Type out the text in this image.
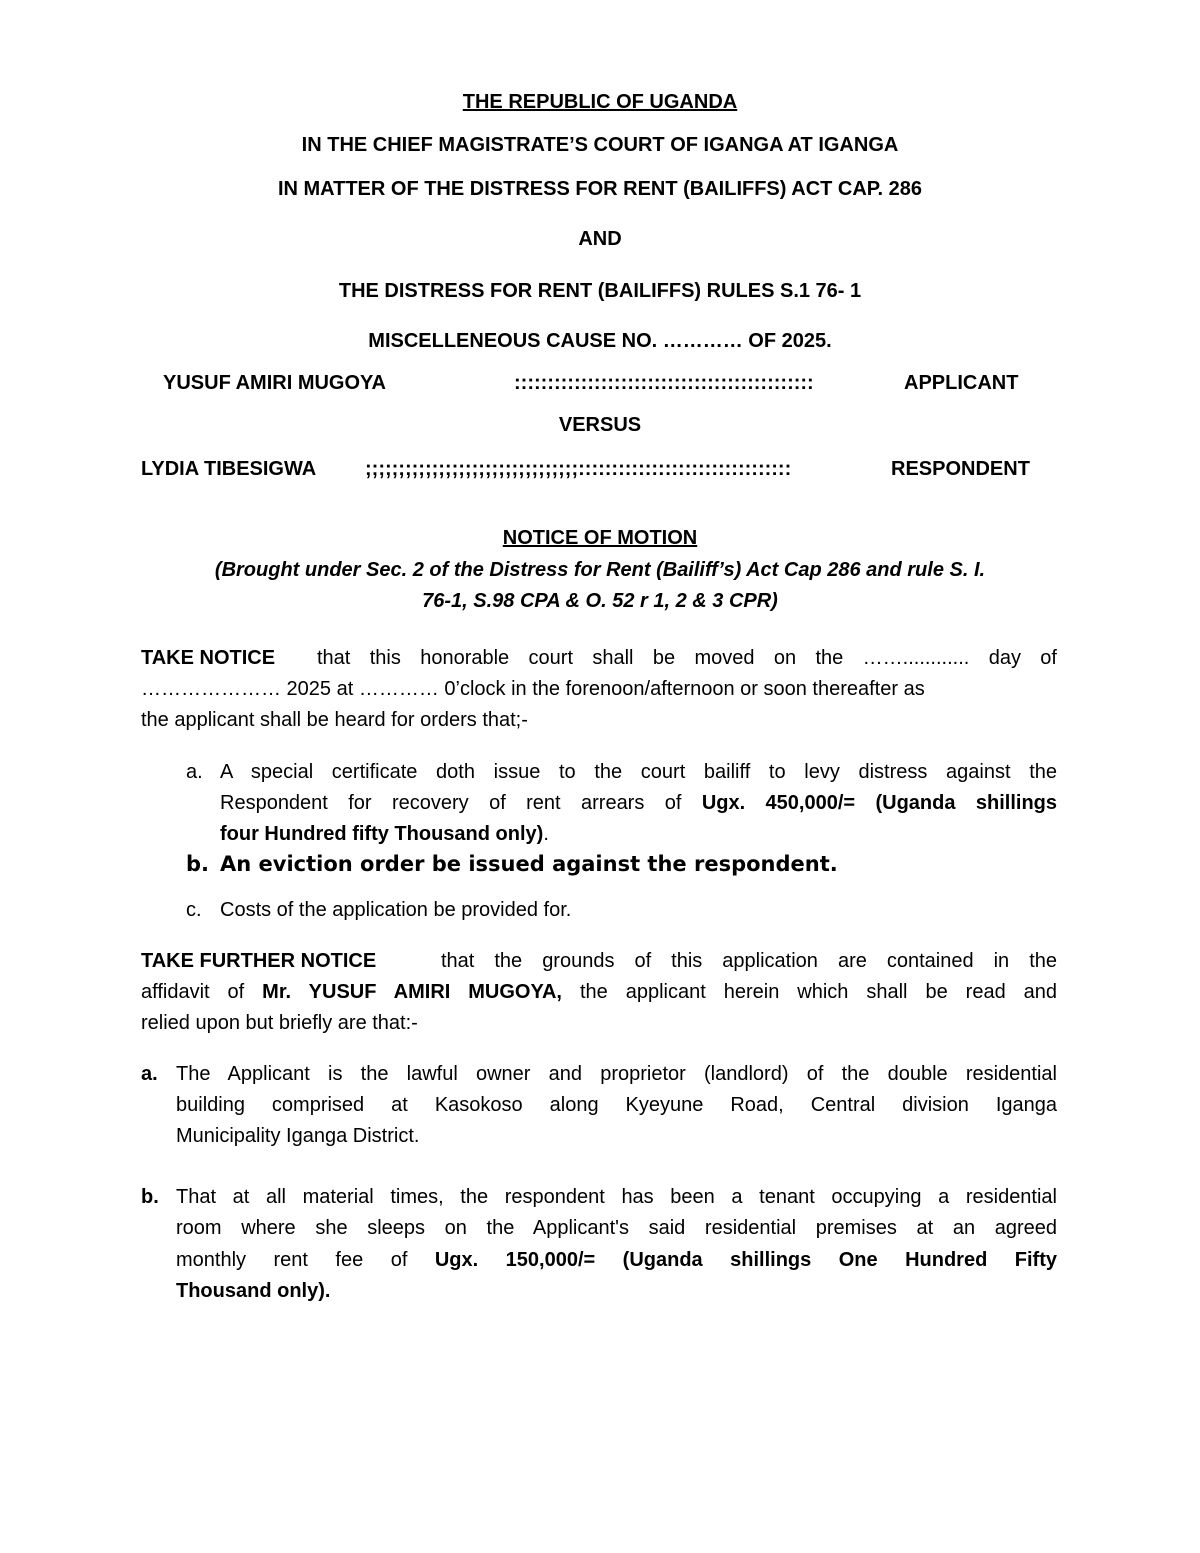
THE REPUBLIC OF UGANDA
IN THE CHIEF MAGISTRATE’S COURT OF IGANGA AT IGANGA
IN MATTER OF THE DISTRESS FOR RENT (BAILIFFS) ACT CAP. 286
AND
THE DISTRESS FOR RENT (BAILIFFS) RULES S.1 76- 1
MISCELLENEOUS CAUSE NO. ………… OF 2025.
YUSUF AMIRI MUGOYA	:::::::::::::::::::::::::::::::::::::::::::::	APPLICANT
VERSUS
LYDIA TIBESIGWA ;;;;;;;;;;;;;;;;;;;;;;;;;;;;;;;;::::::::::::::::::::::::::::::::	RESPONDENT
NOTICE OF MOTION
(Brought under Sec. 2 of the Distress for Rent (Bailiff’s) Act Cap 286 and rule S. I.
76-1, S.98 CPA & O. 52 r 1, 2 & 3 CPR)
TAKE NOTICE that this honorable court shall be moved on the ……............ day of
………………… 2025 at ………… 0’clock in the forenoon/afternoon or soon thereafter as
the applicant shall be heard for orders that;-
a. A special certificate doth issue to the court bailiff to levy distress against the
Respondent for recovery of rent arrears of Ugx. 450,000/= (Uganda shillings
four Hundred fifty Thousand only).
b. An eviction order be issued against the respondent.
c. Costs of the application be provided for.
TAKE FURTHER NOTICE	that the grounds of this application are contained in the
affidavit of Mr. YUSUF AMIRI MUGOYA, the applicant herein which shall be read and
relied upon but briefly are that:-
a. The Applicant is the lawful owner and proprietor (landlord) of the double residential
building comprised at Kasokoso along Kyeyune Road, Central division Iganga
Municipality Iganga District.
b. That at all material times, the respondent has been a tenant occupying a residential
room where she sleeps on the Applicant's said residential premises at an agreed
monthly rent fee of Ugx. 150,000/= (Uganda shillings One Hundred Fifty
Thousand only).
